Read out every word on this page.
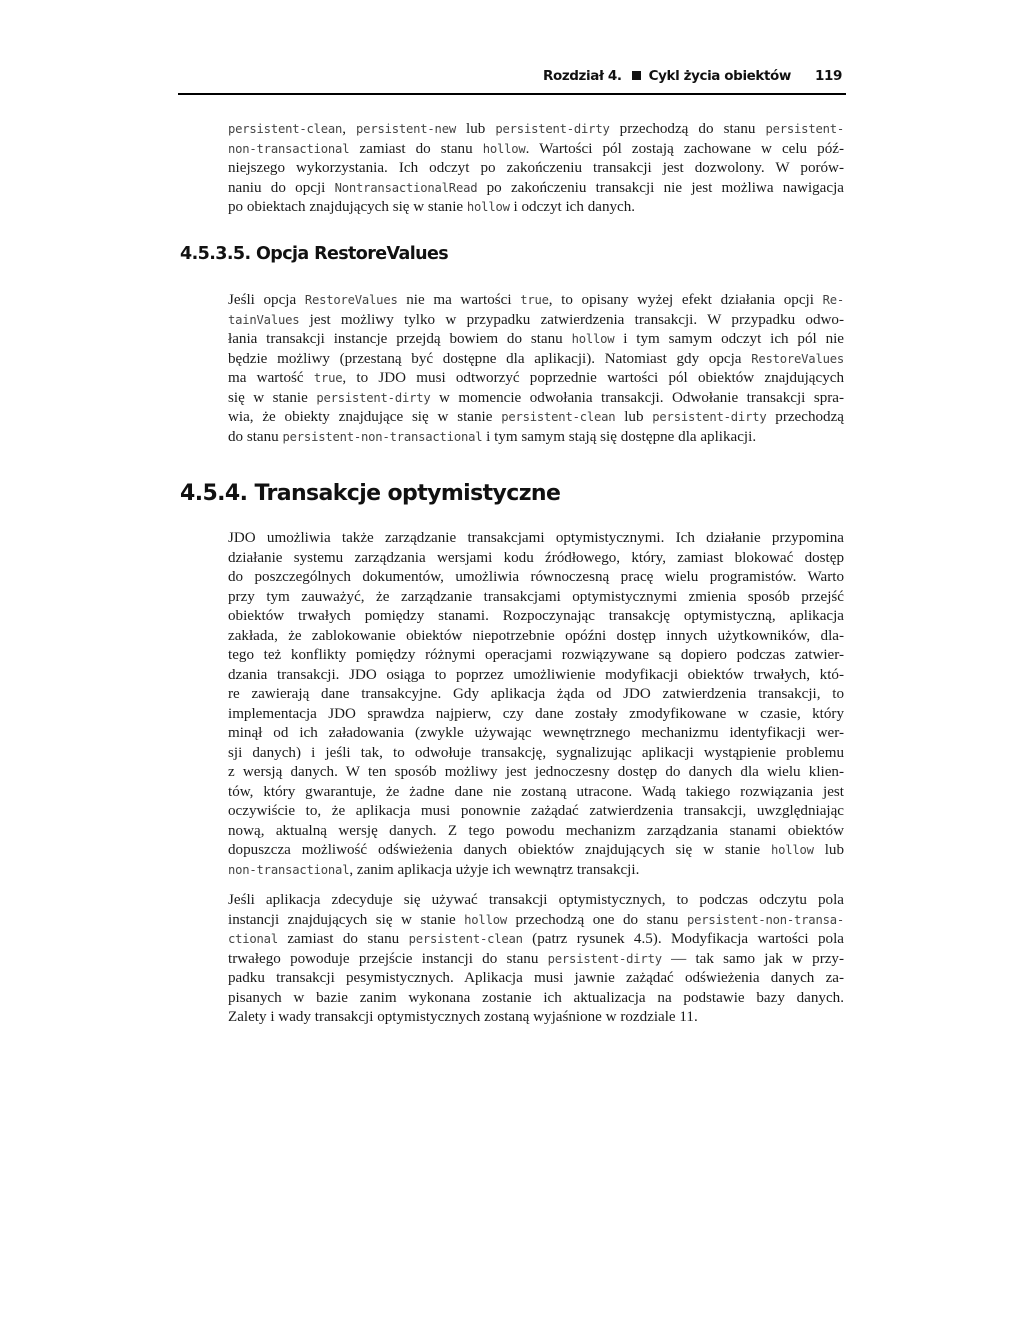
Rozdział 4. Cykl życia obiektów 119
persistent-clean, persistent-new lub persistent-dirty przechodzą do stanu persistent-
non-transactional zamiast do stanu hollow. Wartości pól zostają zachowane w celu póź-
niejszego wykorzystania. Ich odczyt po zakończeniu transakcji jest dozwolony. W porów-
naniu do opcji NontransactionalRead po zakończeniu transakcji nie jest możliwa nawigacja
po obiektach znajdujących się w stanie hollow i odczyt ich danych.
4.5.3.5. Opcja RestoreValues
Jeśli opcja RestoreValues nie ma wartości true, to opisany wyżej efekt działania opcji Re-
tainValues jest możliwy tylko w przypadku zatwierdzenia transakcji. W przypadku odwo-
łania transakcji instancje przejdą bowiem do stanu hollow i tym samym odczyt ich pól nie
będzie możliwy (przestaną być dostępne dla aplikacji). Natomiast gdy opcja RestoreValues
ma wartość true, to JDO musi odtworzyć poprzednie wartości pól obiektów znajdujących
się w stanie persistent-dirty w momencie odwołania transakcji. Odwołanie transakcji spra-
wia, że obiekty znajdujące się w stanie persistent-clean lub persistent-dirty przechodzą
do stanu persistent-non-transactional i tym samym stają się dostępne dla aplikacji.
4.5.4. Transakcje optymistyczne
JDO umożliwia także zarządzanie transakcjami optymistycznymi. Ich działanie przypomina
działanie systemu zarządzania wersjami kodu źródłowego, który, zamiast blokować dostęp
do poszczególnych dokumentów, umożliwia równoczesną pracę wielu programistów. Warto
przy tym zauważyć, że zarządzanie transakcjami optymistycznymi zmienia sposób przejść
obiektów trwałych pomiędzy stanami. Rozpoczynając transakcję optymistyczną, aplikacja
zakłada, że zablokowanie obiektów niepotrzebnie opóźni dostęp innych użytkowników, dla-
tego też konflikty pomiędzy różnymi operacjami rozwiązywane są dopiero podczas zatwier-
dzania transakcji. JDO osiąga to poprzez umożliwienie modyfikacji obiektów trwałych, któ-
re zawierają dane transakcyjne. Gdy aplikacja żąda od JDO zatwierdzenia transakcji, to
implementacja JDO sprawdza najpierw, czy dane zostały zmodyfikowane w czasie, który
minął od ich załadowania (zwykle używając wewnętrznego mechanizmu identyfikacji wer-
sji danych) i jeśli tak, to odwołuje transakcję, sygnalizując aplikacji wystąpienie problemu
z wersją danych. W ten sposób możliwy jest jednoczesny dostęp do danych dla wielu klien-
tów, który gwarantuje, że żadne dane nie zostaną utracone. Wadą takiego rozwiązania jest
oczywiście to, że aplikacja musi ponownie zażądać zatwierdzenia transakcji, uwzględniając
nową, aktualną wersję danych. Z tego powodu mechanizm zarządzania stanami obiektów
dopuszcza możliwość odświeżenia danych obiektów znajdujących się w stanie hollow lub
non-transactional, zanim aplikacja użyje ich wewnątrz transakcji.
Jeśli aplikacja zdecyduje się używać transakcji optymistycznych, to podczas odczytu pola
instancji znajdujących się w stanie hollow przechodzą one do stanu persistent-non-transa-
ctional zamiast do stanu persistent-clean (patrz rysunek 4.5). Modyfikacja wartości pola
trwałego powoduje przejście instancji do stanu persistent-dirty — tak samo jak w przy-
padku transakcji pesymistycznych. Aplikacja musi jawnie zażądać odświeżenia danych za-
pisanych w bazie zanim wykonana zostanie ich aktualizacja na podstawie bazy danych.
Zalety i wady transakcji optymistycznych zostaną wyjaśnione w rozdziale 11.
